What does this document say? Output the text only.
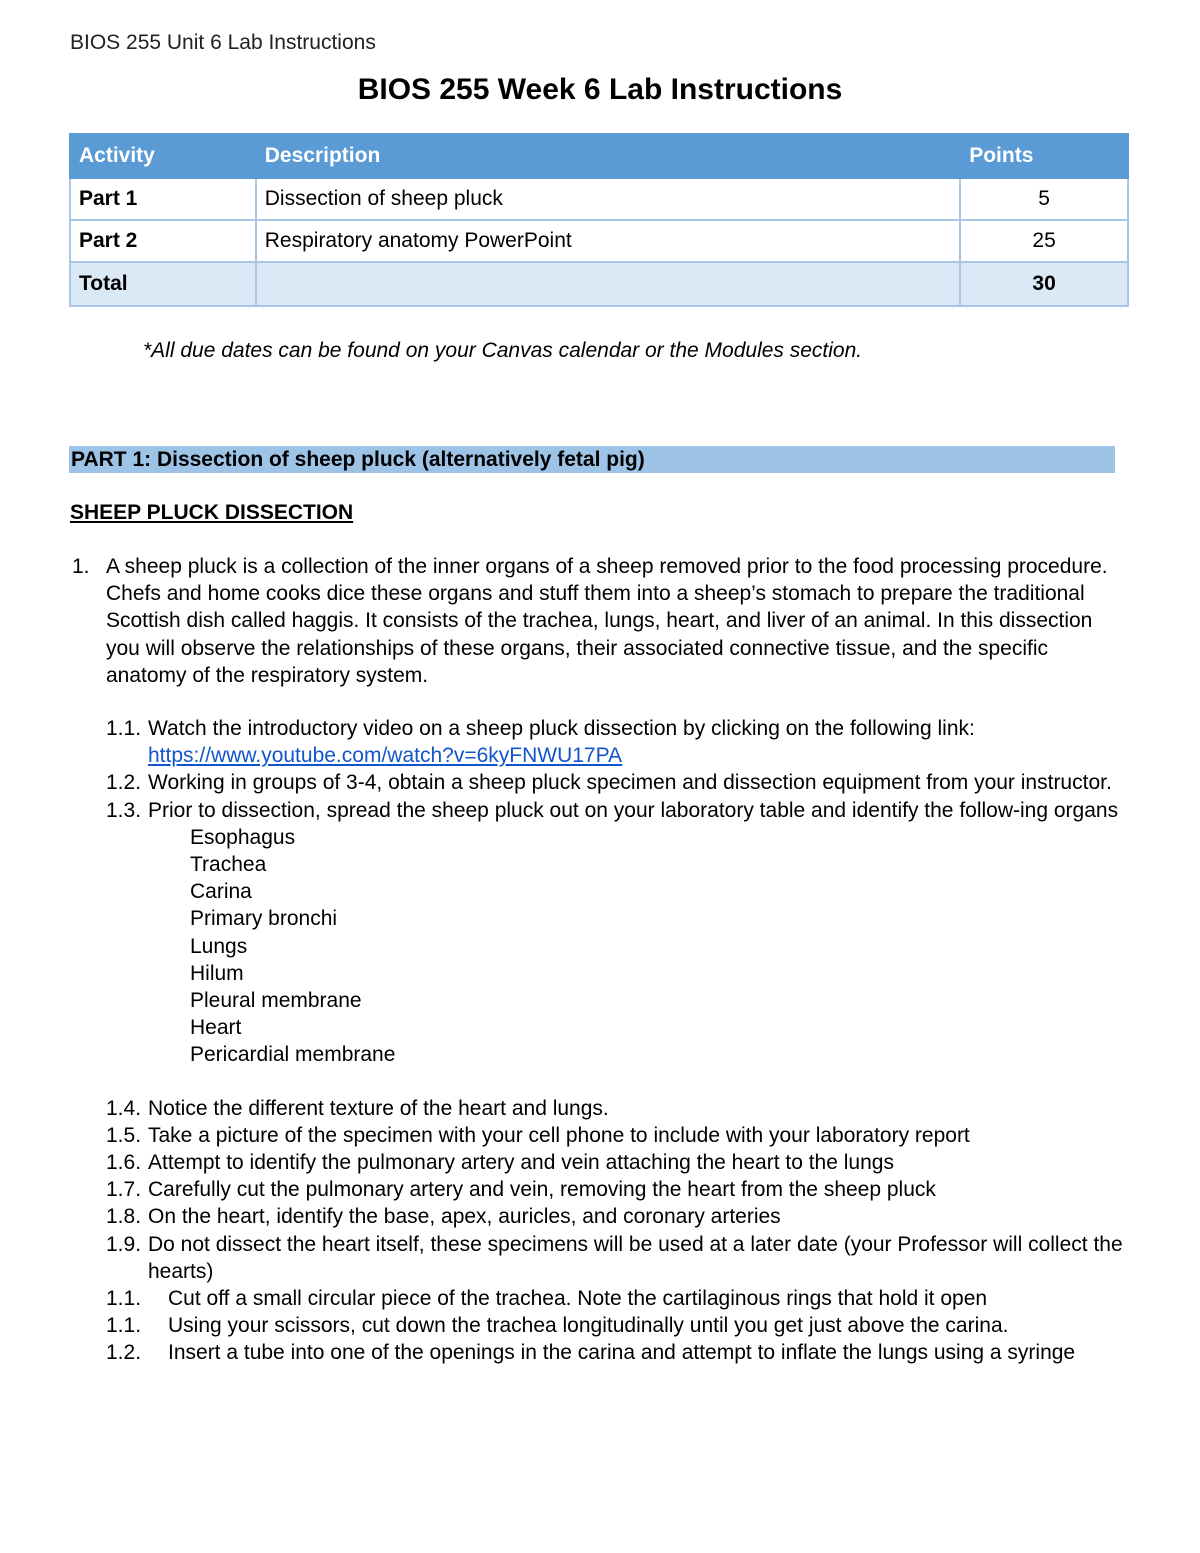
BIOS 255 Unit 6 Lab Instructions
BIOS 255 Week 6 Lab Instructions
Activity	Description	Points
Part 1	Dissection of sheep pluck	5
Part 2	Respiratory anatomy PowerPoint	25
Total		30
*All due dates can be found on your Canvas calendar or the Modules section.
PART 1: Dissection of sheep pluck (alternatively fetal pig)
SHEEP PLUCK DISSECTION
1. A sheep pluck is a collection of the inner organs of a sheep removed prior to the food processing procedure. Chefs and home cooks dice these organs and stuff them into a sheep’s stomach to prepare the traditional Scottish dish called haggis. It consists of the trachea, lungs, heart, and liver of an animal. In this dissection you will observe the relationships of these organs, their associated connective tissue, and the specific anatomy of the respiratory system.
1.1. Watch the introductory video on a sheep pluck dissection by clicking on the following link:
https://www.youtube.com/watch?v=6kyFNWU17PA
1.2. Working in groups of 3-4, obtain a sheep pluck specimen and dissection equipment from your instructor.
1.3. Prior to dissection, spread the sheep pluck out on your laboratory table and identify the follow-ing organs
Esophagus
Trachea
Carina
Primary bronchi
Lungs
Hilum
Pleural membrane
Heart
Pericardial membrane
1.4. Notice the different texture of the heart and lungs.
1.5. Take a picture of the specimen with your cell phone to include with your laboratory report
1.6. Attempt to identify the pulmonary artery and vein attaching the heart to the lungs
1.7. Carefully cut the pulmonary artery and vein, removing the heart from the sheep pluck
1.8. On the heart, identify the base, apex, auricles, and coronary arteries
1.9. Do not dissect the heart itself, these specimens will be used at a later date (your Professor will collect the hearts)
1.1. Cut off a small circular piece of the trachea. Note the cartilaginous rings that hold it open
1.1. Using your scissors, cut down the trachea longitudinally until you get just above the carina.
1.2. Insert a tube into one of the openings in the carina and attempt to inflate the lungs using a syringe
